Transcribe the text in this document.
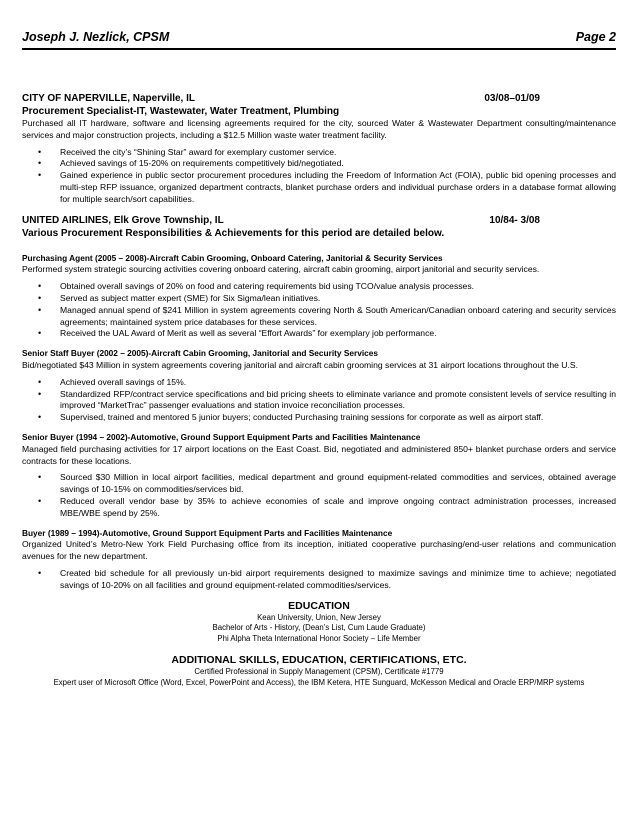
Joseph J. Nezlick, CPSM	Page 2
CITY OF NAPERVILLE, Naperville, IL	03/08–01/09
Procurement Specialist-IT, Wastewater, Water Treatment, Plumbing
Purchased all IT hardware, software and licensing agreements required for the city, sourced Water & Wastewater Department consulting/maintenance services and major construction projects, including a $12.5 Million waste water treatment facility.
• Received the city’s “Shining Star” award for exemplary customer service.
• Achieved savings of 15-20% on requirements competitively bid/negotiated.
• Gained experience in public sector procurement procedures including the Freedom of Information Act (FOIA), public bid opening processes and multi-step RFP issuance, organized department contracts, blanket purchase orders and individual purchase orders in a database format allowing for multiple search/sort capabilities.
UNITED AIRLINES, Elk Grove Township, IL	10/84- 3/08
Various Procurement Responsibilities & Achievements for this period are detailed below.
Purchasing Agent (2005 – 2008)-Aircraft Cabin Grooming, Onboard Catering, Janitorial & Security Services
Performed system strategic sourcing activities covering onboard catering, aircraft cabin grooming, airport janitorial and security services.
• Obtained overall savings of 20% on food and catering requirements bid using TCO/value analysis processes.
• Served as subject matter expert (SME) for Six Sigma/lean initiatives.
• Managed annual spend of $241 Million in system agreements covering North & South American/Canadian onboard catering and security services agreements; maintained system price databases for these services.
• Received the UAL Award of Merit as well as several “Effort Awards” for exemplary job performance.
Senior Staff Buyer (2002 – 2005)-Aircraft Cabin Grooming, Janitorial and Security Services
Bid/negotiated $43 Million in system agreements covering janitorial and aircraft cabin grooming services at 31 airport locations throughout the U.S.
• Achieved overall savings of 15%.
• Standardized RFP/contract service specifications and bid pricing sheets to eliminate variance and promote consistent levels of service resulting in improved “MarketTrac” passenger evaluations and station invoice reconciliation processes.
• Supervised, trained and mentored 5 junior buyers; conducted Purchasing training sessions for corporate as well as airport staff.
Senior Buyer (1994 – 2002)-Automotive, Ground Support Equipment Parts and Facilities Maintenance
Managed field purchasing activities for 17 airport locations on the East Coast. Bid, negotiated and administered 850+ blanket purchase orders and service contracts for these locations.
• Sourced $30 Million in local airport facilities, medical department and ground equipment-related commodities and services, obtained average savings of 10-15% on commodities/services bid.
• Reduced overall vendor base by 35% to achieve economies of scale and improve ongoing contract administration processes, increased MBE/WBE spend by 25%.
Buyer (1989 – 1994)-Automotive, Ground Support Equipment Parts and Facilities Maintenance
Organized United’s Metro-New York Field Purchasing office from its inception, initiated cooperative purchasing/end-user relations and communication avenues for the new department.
• Created bid schedule for all previously un-bid airport requirements designed to maximize savings and minimize time to achieve; negotiated savings of 10-20% on all facilities and ground equipment-related commodities/services.
EDUCATION
Kean University, Union, New Jersey
Bachelor of Arts - History, (Dean’s List, Cum Laude Graduate)
Phi Alpha Theta International Honor Society – Life Member
ADDITIONAL SKILLS, EDUCATION, CERTIFICATIONS, ETC.
Certified Professional in Supply Management (CPSM), Certificate #1779
Expert user of Microsoft Office (Word, Excel, PowerPoint and Access), the IBM Ketera, HTE Sunguard, McKesson Medical and Oracle ERP/MRP systems
